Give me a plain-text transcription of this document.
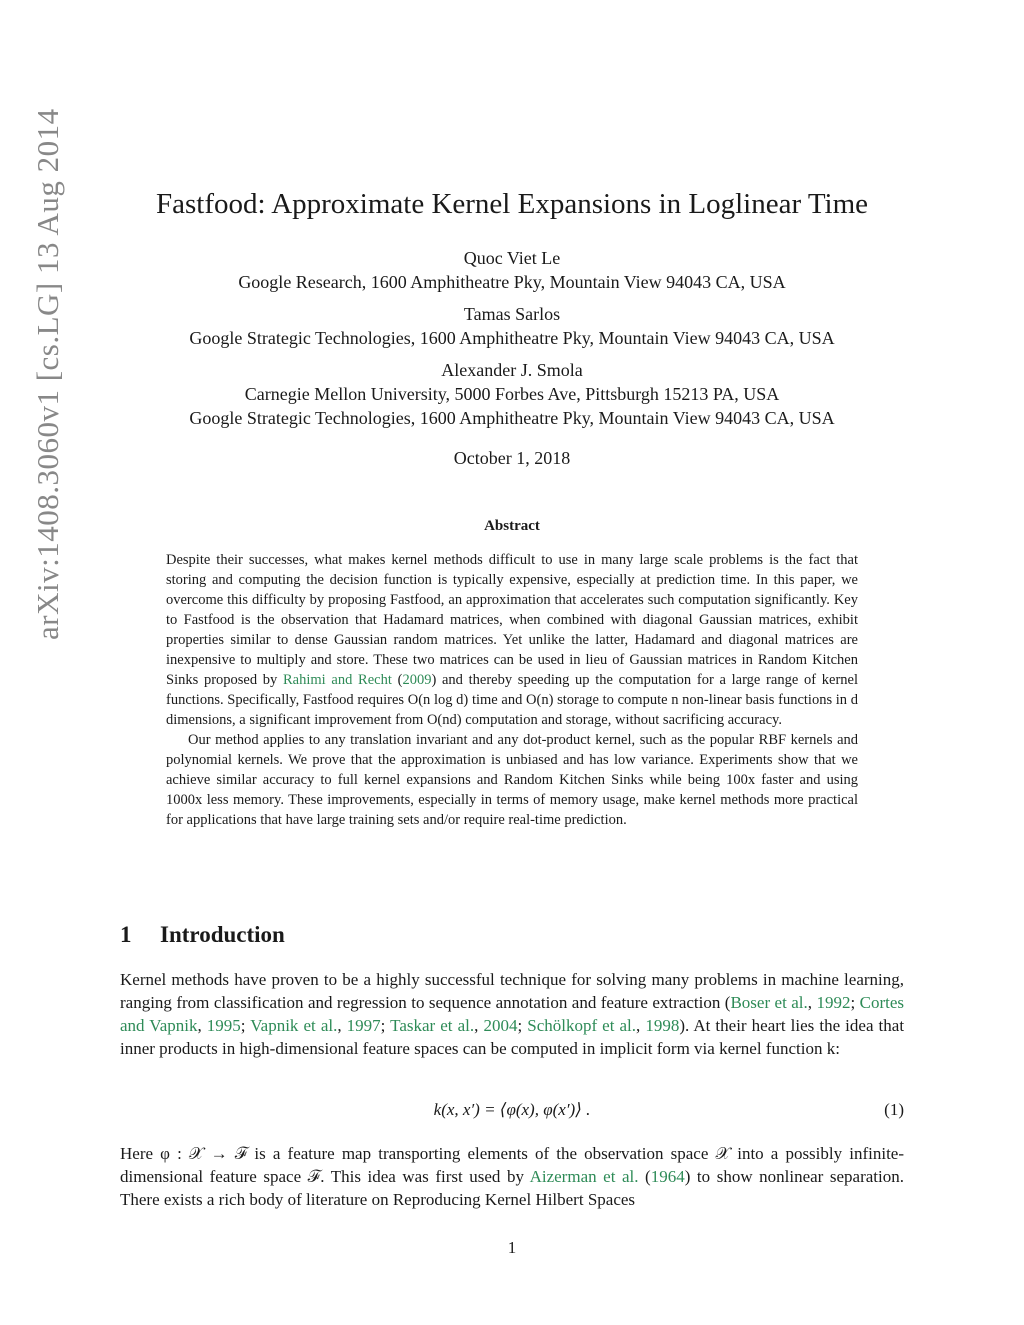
arXiv:1408.3060v1 [cs.LG] 13 Aug 2014	Fastfood: Approximate Kernel Expansions in Loglinear Time
Quoc Viet Le
Google Research, 1600 Amphitheatre Pky, Mountain View 94043 CA, USA
Tamas Sarlos
Google Strategic Technologies, 1600 Amphitheatre Pky, Mountain View 94043 CA, USA
Alexander J. Smola
Carnegie Mellon University, 5000 Forbes Ave, Pittsburgh 15213 PA, USA
Google Strategic Technologies, 1600 Amphitheatre Pky, Mountain View 94043 CA, USA
October 1, 2018
Abstract

Despite their successes, what makes kernel methods difficult to use in many large scale problems is the fact that storing and computing the decision function is typically expensive, especially at prediction time. In this paper, we overcome this difficulty by proposing Fastfood, an approximation that accelerates such computation significantly. Key to Fastfood is the observation that Hadamard matrices, when combined with diagonal Gaussian matrices, exhibit properties similar to dense Gaussian random matrices. Yet unlike the latter, Hadamard and diagonal matrices are inexpensive to multiply and store. These two matrices can be used in lieu of Gaussian matrices in Random Kitchen Sinks proposed by Rahimi and Recht (2009) and thereby speeding up the computation for a large range of kernel functions. Specifically, Fastfood requires O(n log d) time and O(n) storage to compute n non-linear basis functions in d dimensions, a significant improvement from O(nd) computation and storage, without sacrificing accuracy.

Our method applies to any translation invariant and any dot-product kernel, such as the popular RBF kernels and polynomial kernels. We prove that the approximation is unbiased and has low variance. Experiments show that we achieve similar accuracy to full kernel expansions and Random Kitchen Sinks while being 100x faster and using 1000x less memory. These improvements, especially in terms of memory usage, make kernel methods more practical for applications that have large training sets and/or require real-time prediction.

1 Introduction

Kernel methods have proven to be a highly successful technique for solving many problems in machine learning, ranging from classification and regression to sequence annotation and feature extraction (Boser et al., 1992; Cortes and Vapnik, 1995; Vapnik et al., 1997; Taskar et al., 2004; Schölkopf et al., 1998). At their heart lies the idea that inner products in high-dimensional feature spaces can be computed in implicit form via kernel function k:

k(x, x′) = ⟨φ(x), φ(x′)⟩ .	(1)

Here φ : 𝒳 → ℱ is a feature map transporting elements of the observation space 𝒳 into a possibly infinite-dimensional feature space ℱ. This idea was first used by Aizerman et al. (1964) to show nonlinear separation. There exists a rich body of literature on Reproducing Kernel Hilbert Spaces

1
